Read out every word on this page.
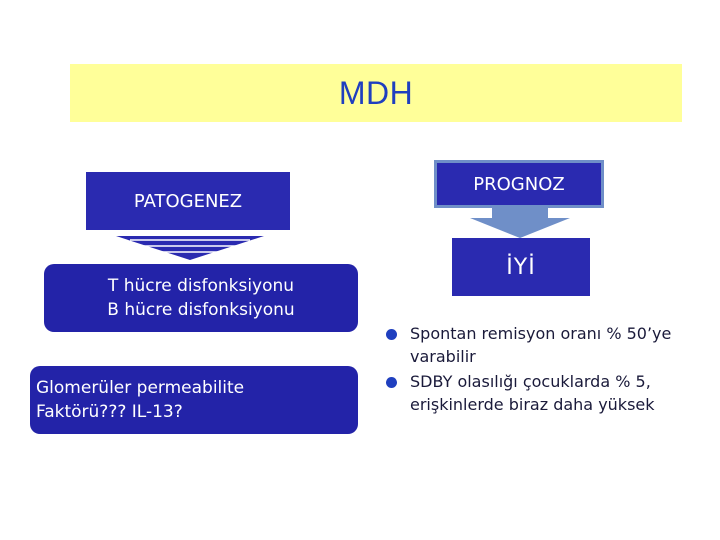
MDH
PATOGENEZ
T hücre disfonksiyonu
B hücre disfonksiyonu
Glomerüler permeabilite
Faktörü??? IL-13?
PROGNOZ
İYİ
Spontan remisyon oranı % 50’ye varabilir
SDBY olasılığı çocuklarda % 5, erişkinlerde biraz daha yüksek
